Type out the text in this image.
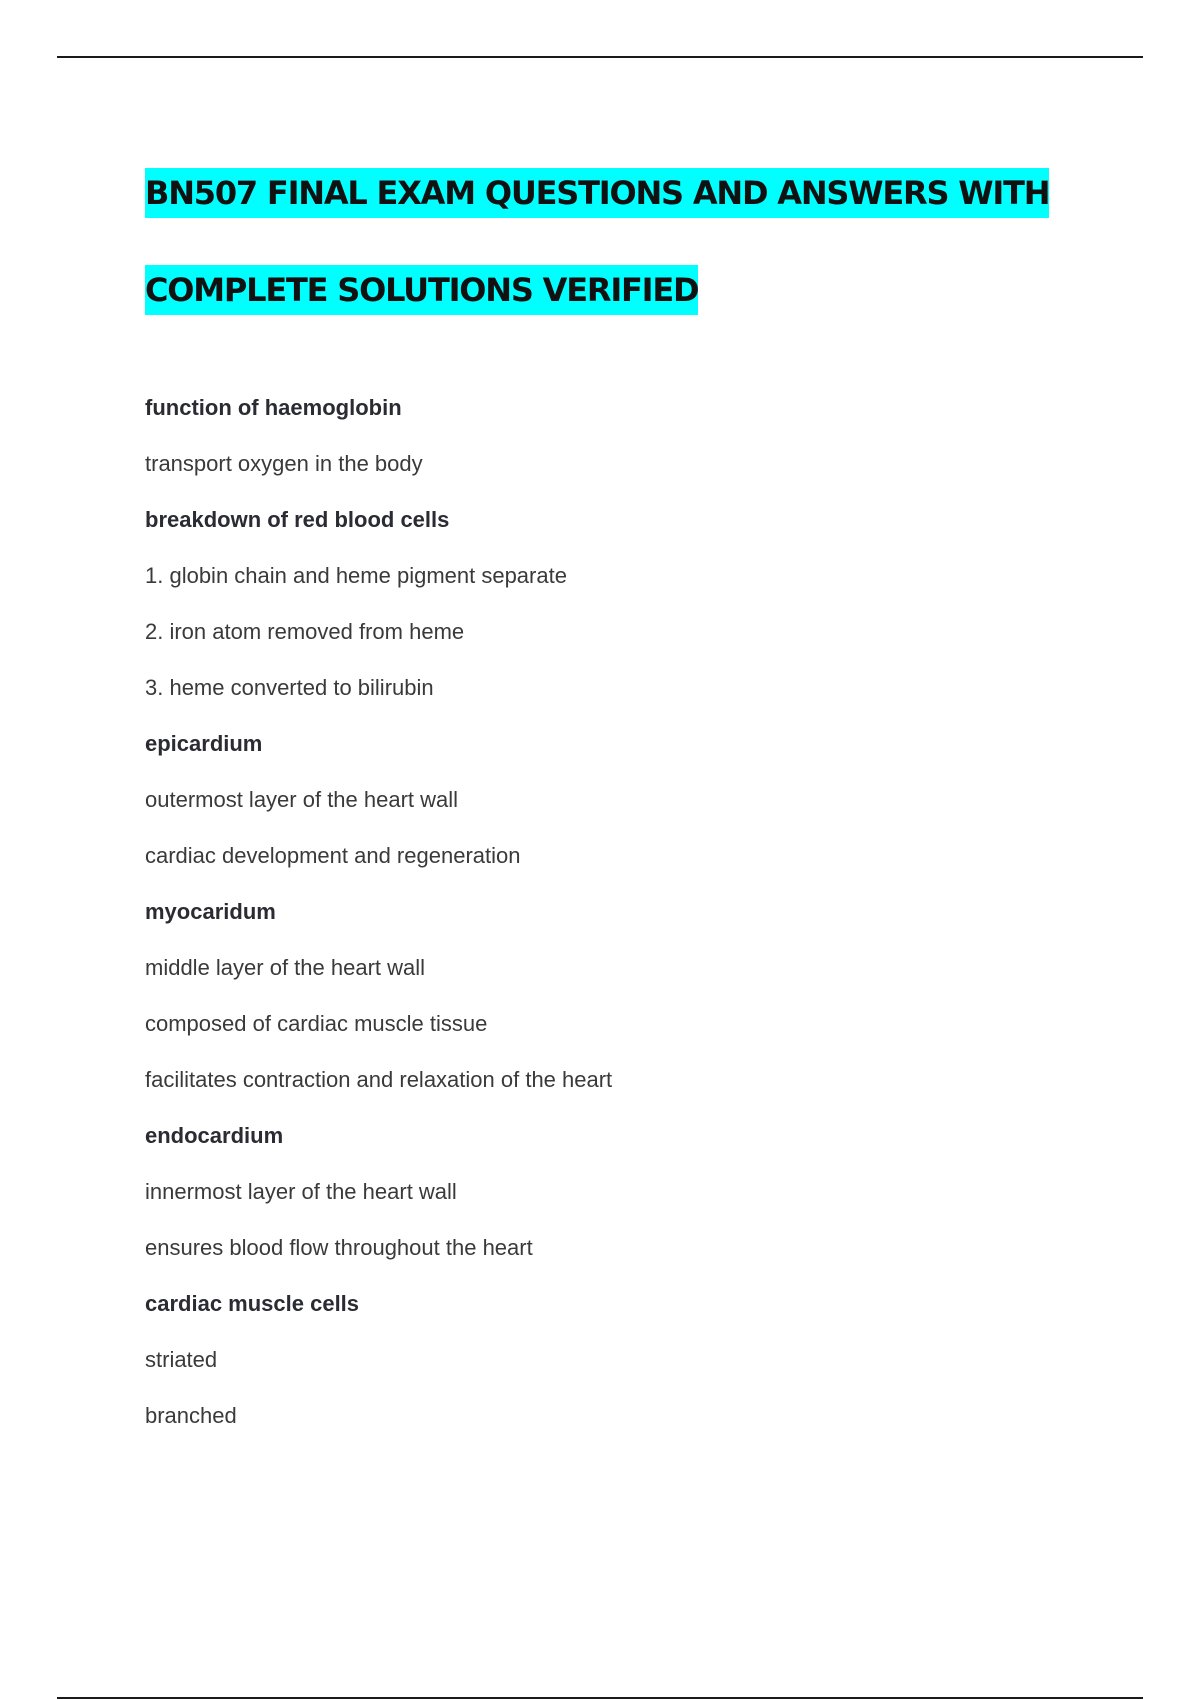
BN507 FINAL EXAM QUESTIONS AND ANSWERS WITH
COMPLETE SOLUTIONS VERIFIED
function of haemoglobin
transport oxygen in the body
breakdown of red blood cells
1. globin chain and heme pigment separate
2. iron atom removed from heme
3. heme converted to bilirubin
epicardium
outermost layer of the heart wall
cardiac development and regeneration
myocaridum
middle layer of the heart wall
composed of cardiac muscle tissue
facilitates contraction and relaxation of the heart
endocardium
innermost layer of the heart wall
ensures blood flow throughout the heart
cardiac muscle cells
striated
branched
